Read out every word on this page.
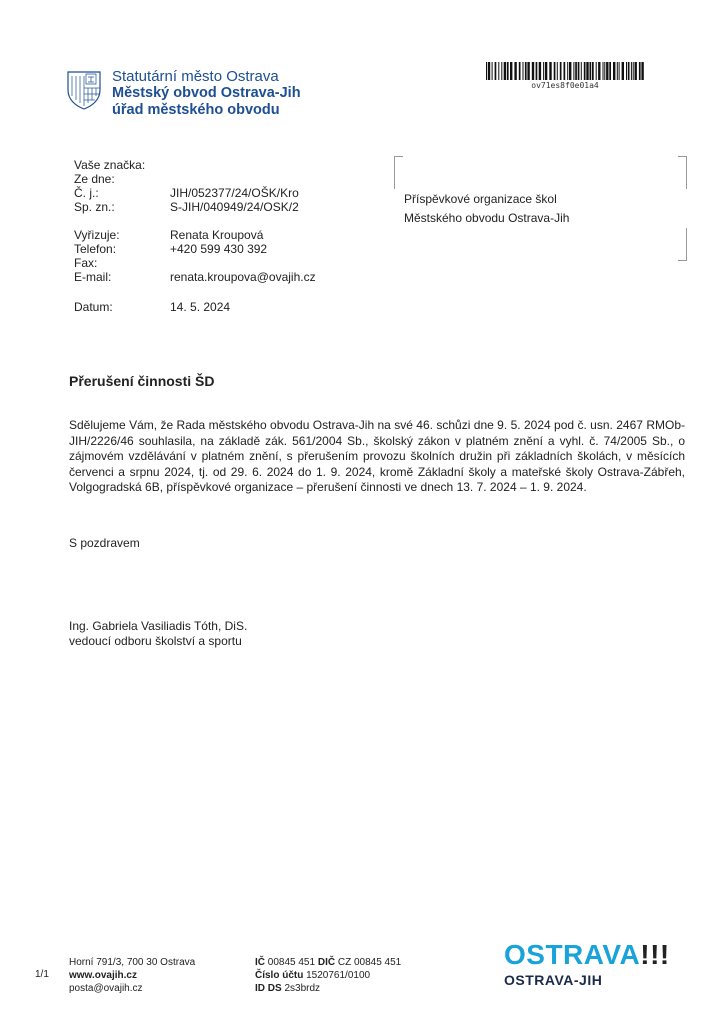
Statutární město Ostrava
Městský obvod Ostrava-Jih
úřad městského obvodu
ov71es8f0e01a4
Vaše značka:
Ze dne:
Č. j.:	JIH/052377/24/OŠK/Kro
Sp. zn.:	S-JIH/040949/24/OSK/2
Vyřizuje:	Renata Kroupová
Telefon:	+420 599 430 392
Fax:
E-mail:	renata.kroupova@ovajih.cz
Datum:	14. 5. 2024
Příspěvkové organizace škol
Městského obvodu Ostrava-Jih
Přerušení činnosti ŠD
Sdělujeme Vám, že Rada městského obvodu Ostrava-Jih na své 46. schůzi dne 9. 5. 2024 pod č. usn. 2467 RMOb-JIH/2226/46 souhlasila, na základě zák. 561/2004 Sb., školský zákon v platném znění a vyhl. č. 74/2005 Sb., o zájmovém vzdělávání v platném znění, s přerušením provozu školních družin při základních školách, v měsících červenci a srpnu 2024, tj. od 29. 6. 2024 do 1. 9. 2024, kromě Základní školy a mateřské školy Ostrava-Zábřeh, Volgogradská 6B, příspěvkové organizace – přerušení činnosti ve dnech 13. 7. 2024 – 1. 9. 2024.
S pozdravem
Ing. Gabriela Vasiliadis Tóth, DiS.
vedoucí odboru školství a sportu
1/1
Horní 791/3, 700 30 Ostrava
www.ovajih.cz
posta@ovajih.cz
IČ 00845 451 DIČ CZ 00845 451
Číslo účtu 1520761/0100
ID DS 2s3brdz
OSTRAVA!!!
OSTRAVA-JIH
